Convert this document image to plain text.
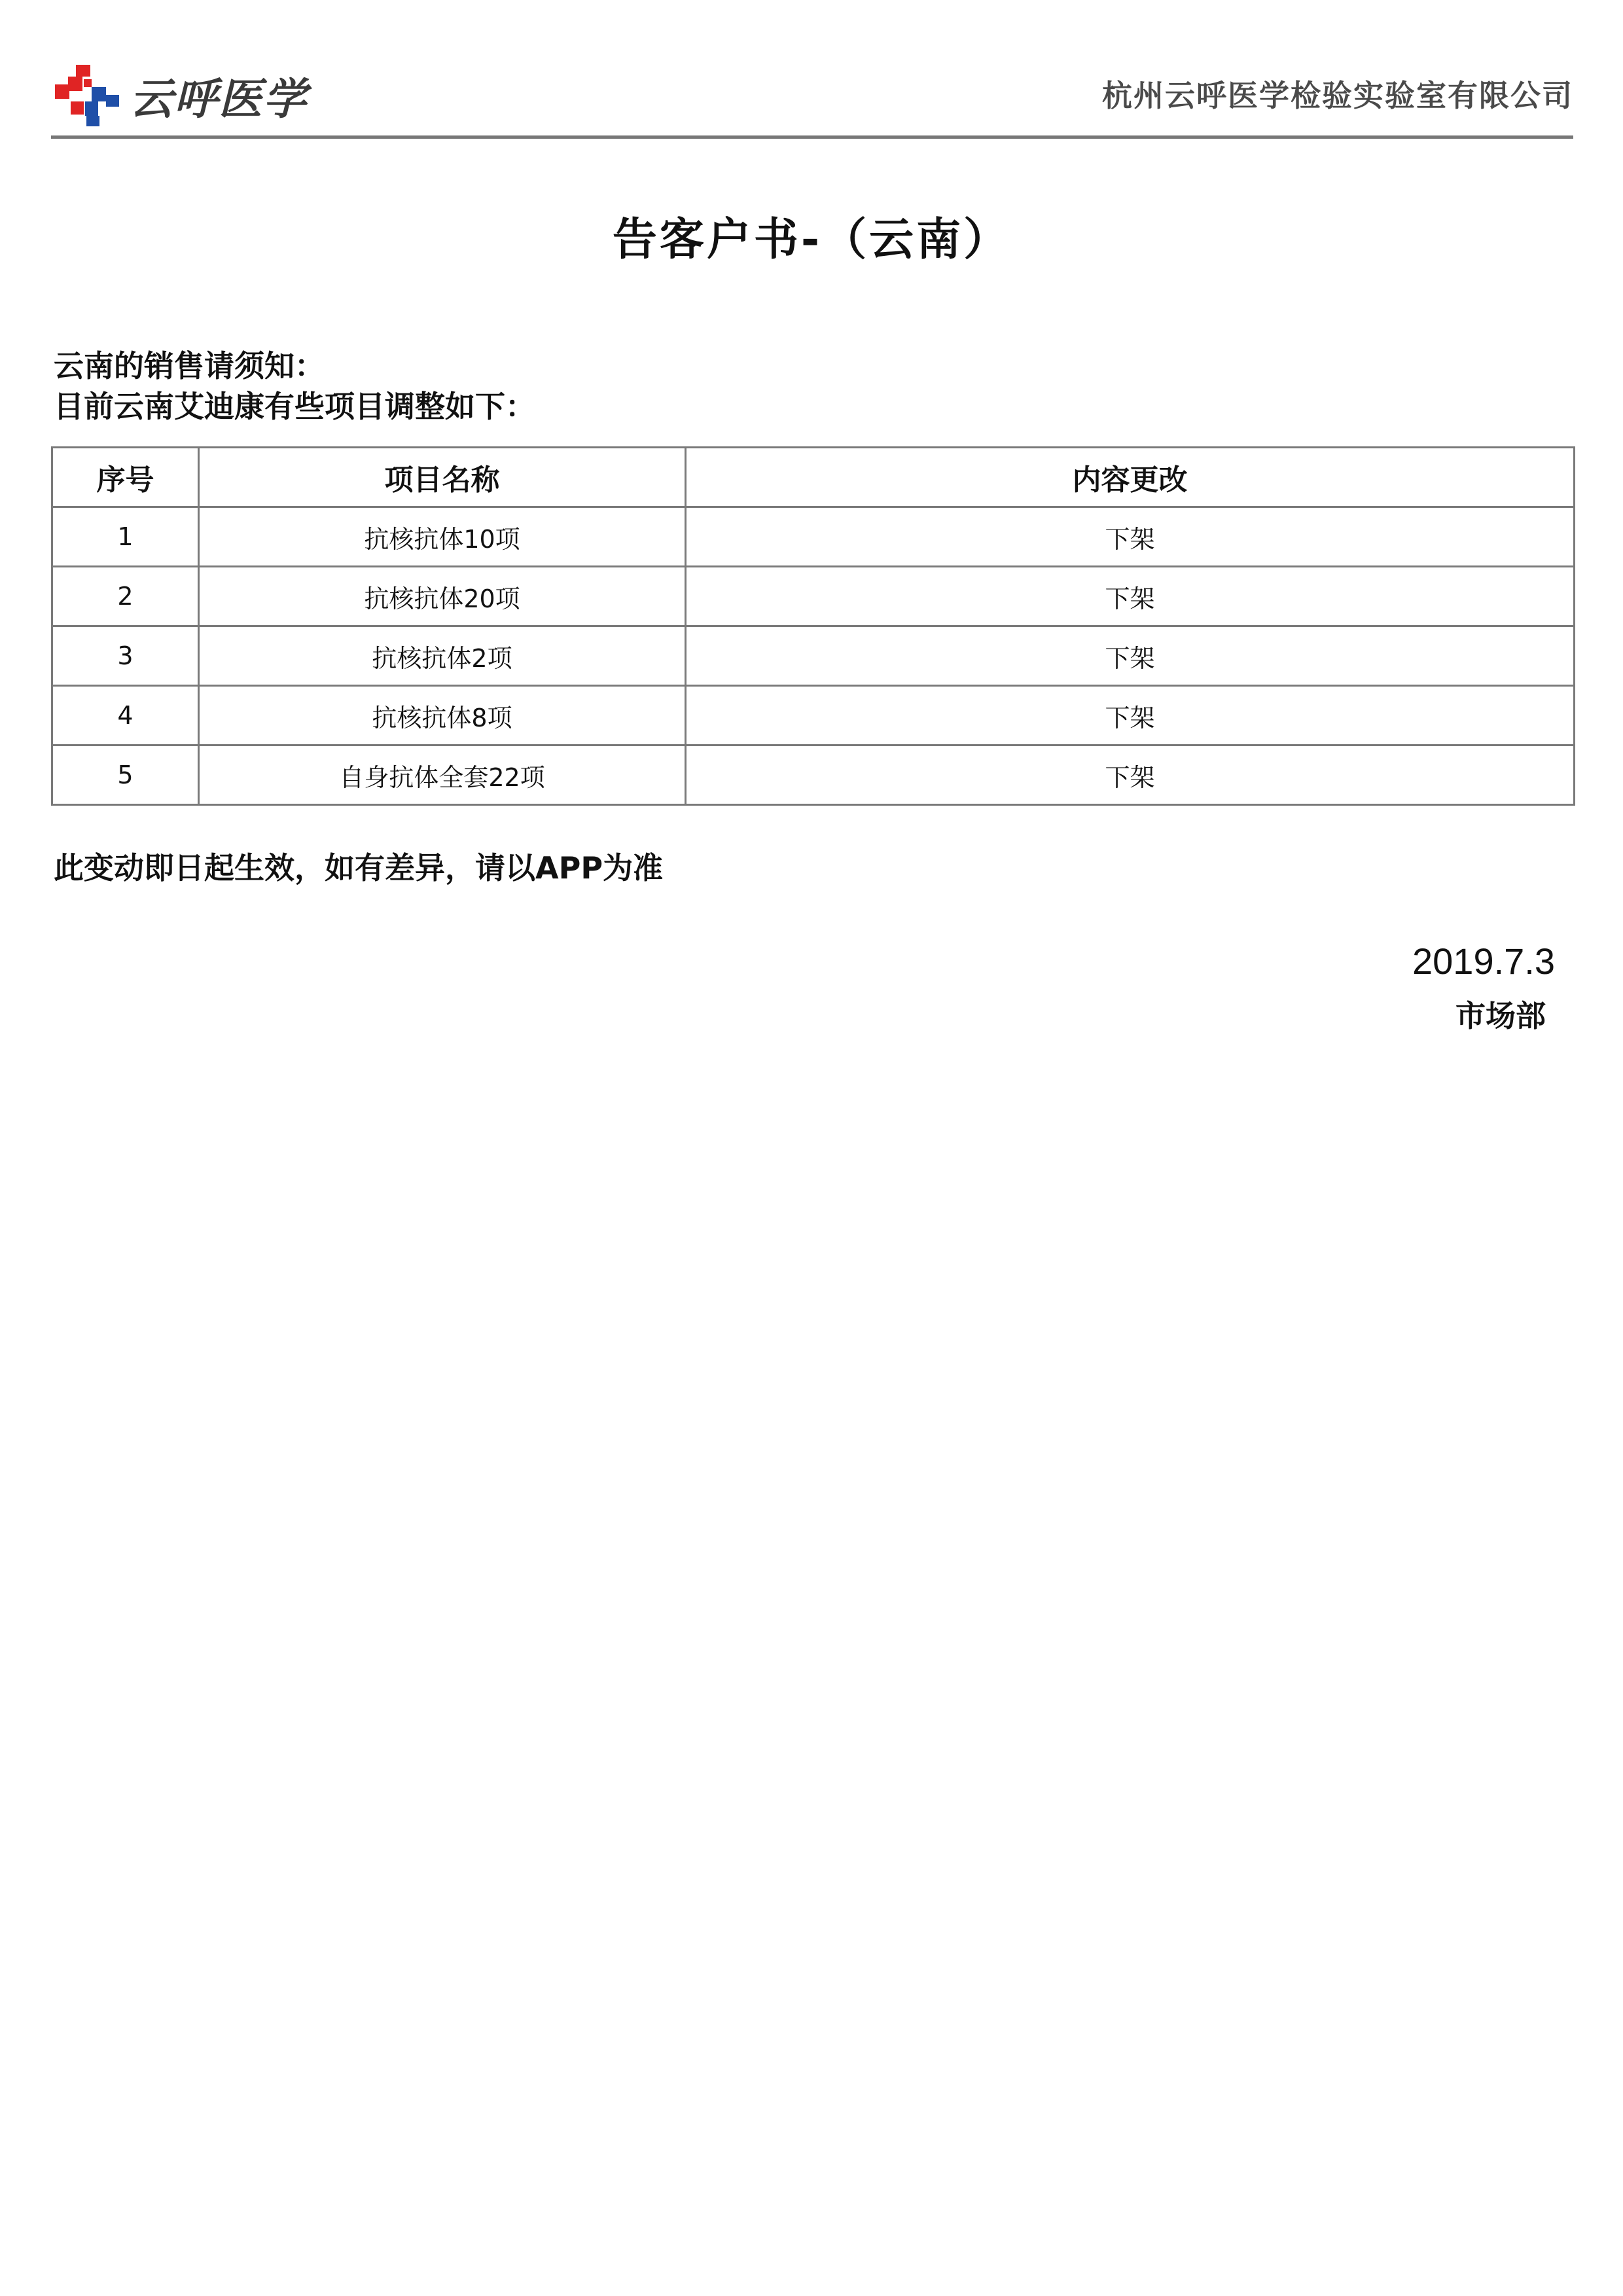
云呼医学	杭州云呼医学检验实验室有限公司
告客户书-（云南）
云南的销售请须知：
目前云南艾迪康有些项目调整如下：
序号	项目名称	内容更改
1	抗核抗体10项	下架
2	抗核抗体20项	下架
3	抗核抗体2项	下架
4	抗核抗体8项	下架
5	自身抗体全套22项	下架
此变动即日起生效，如有差异，请以APP为准
2019.7.3
市场部
